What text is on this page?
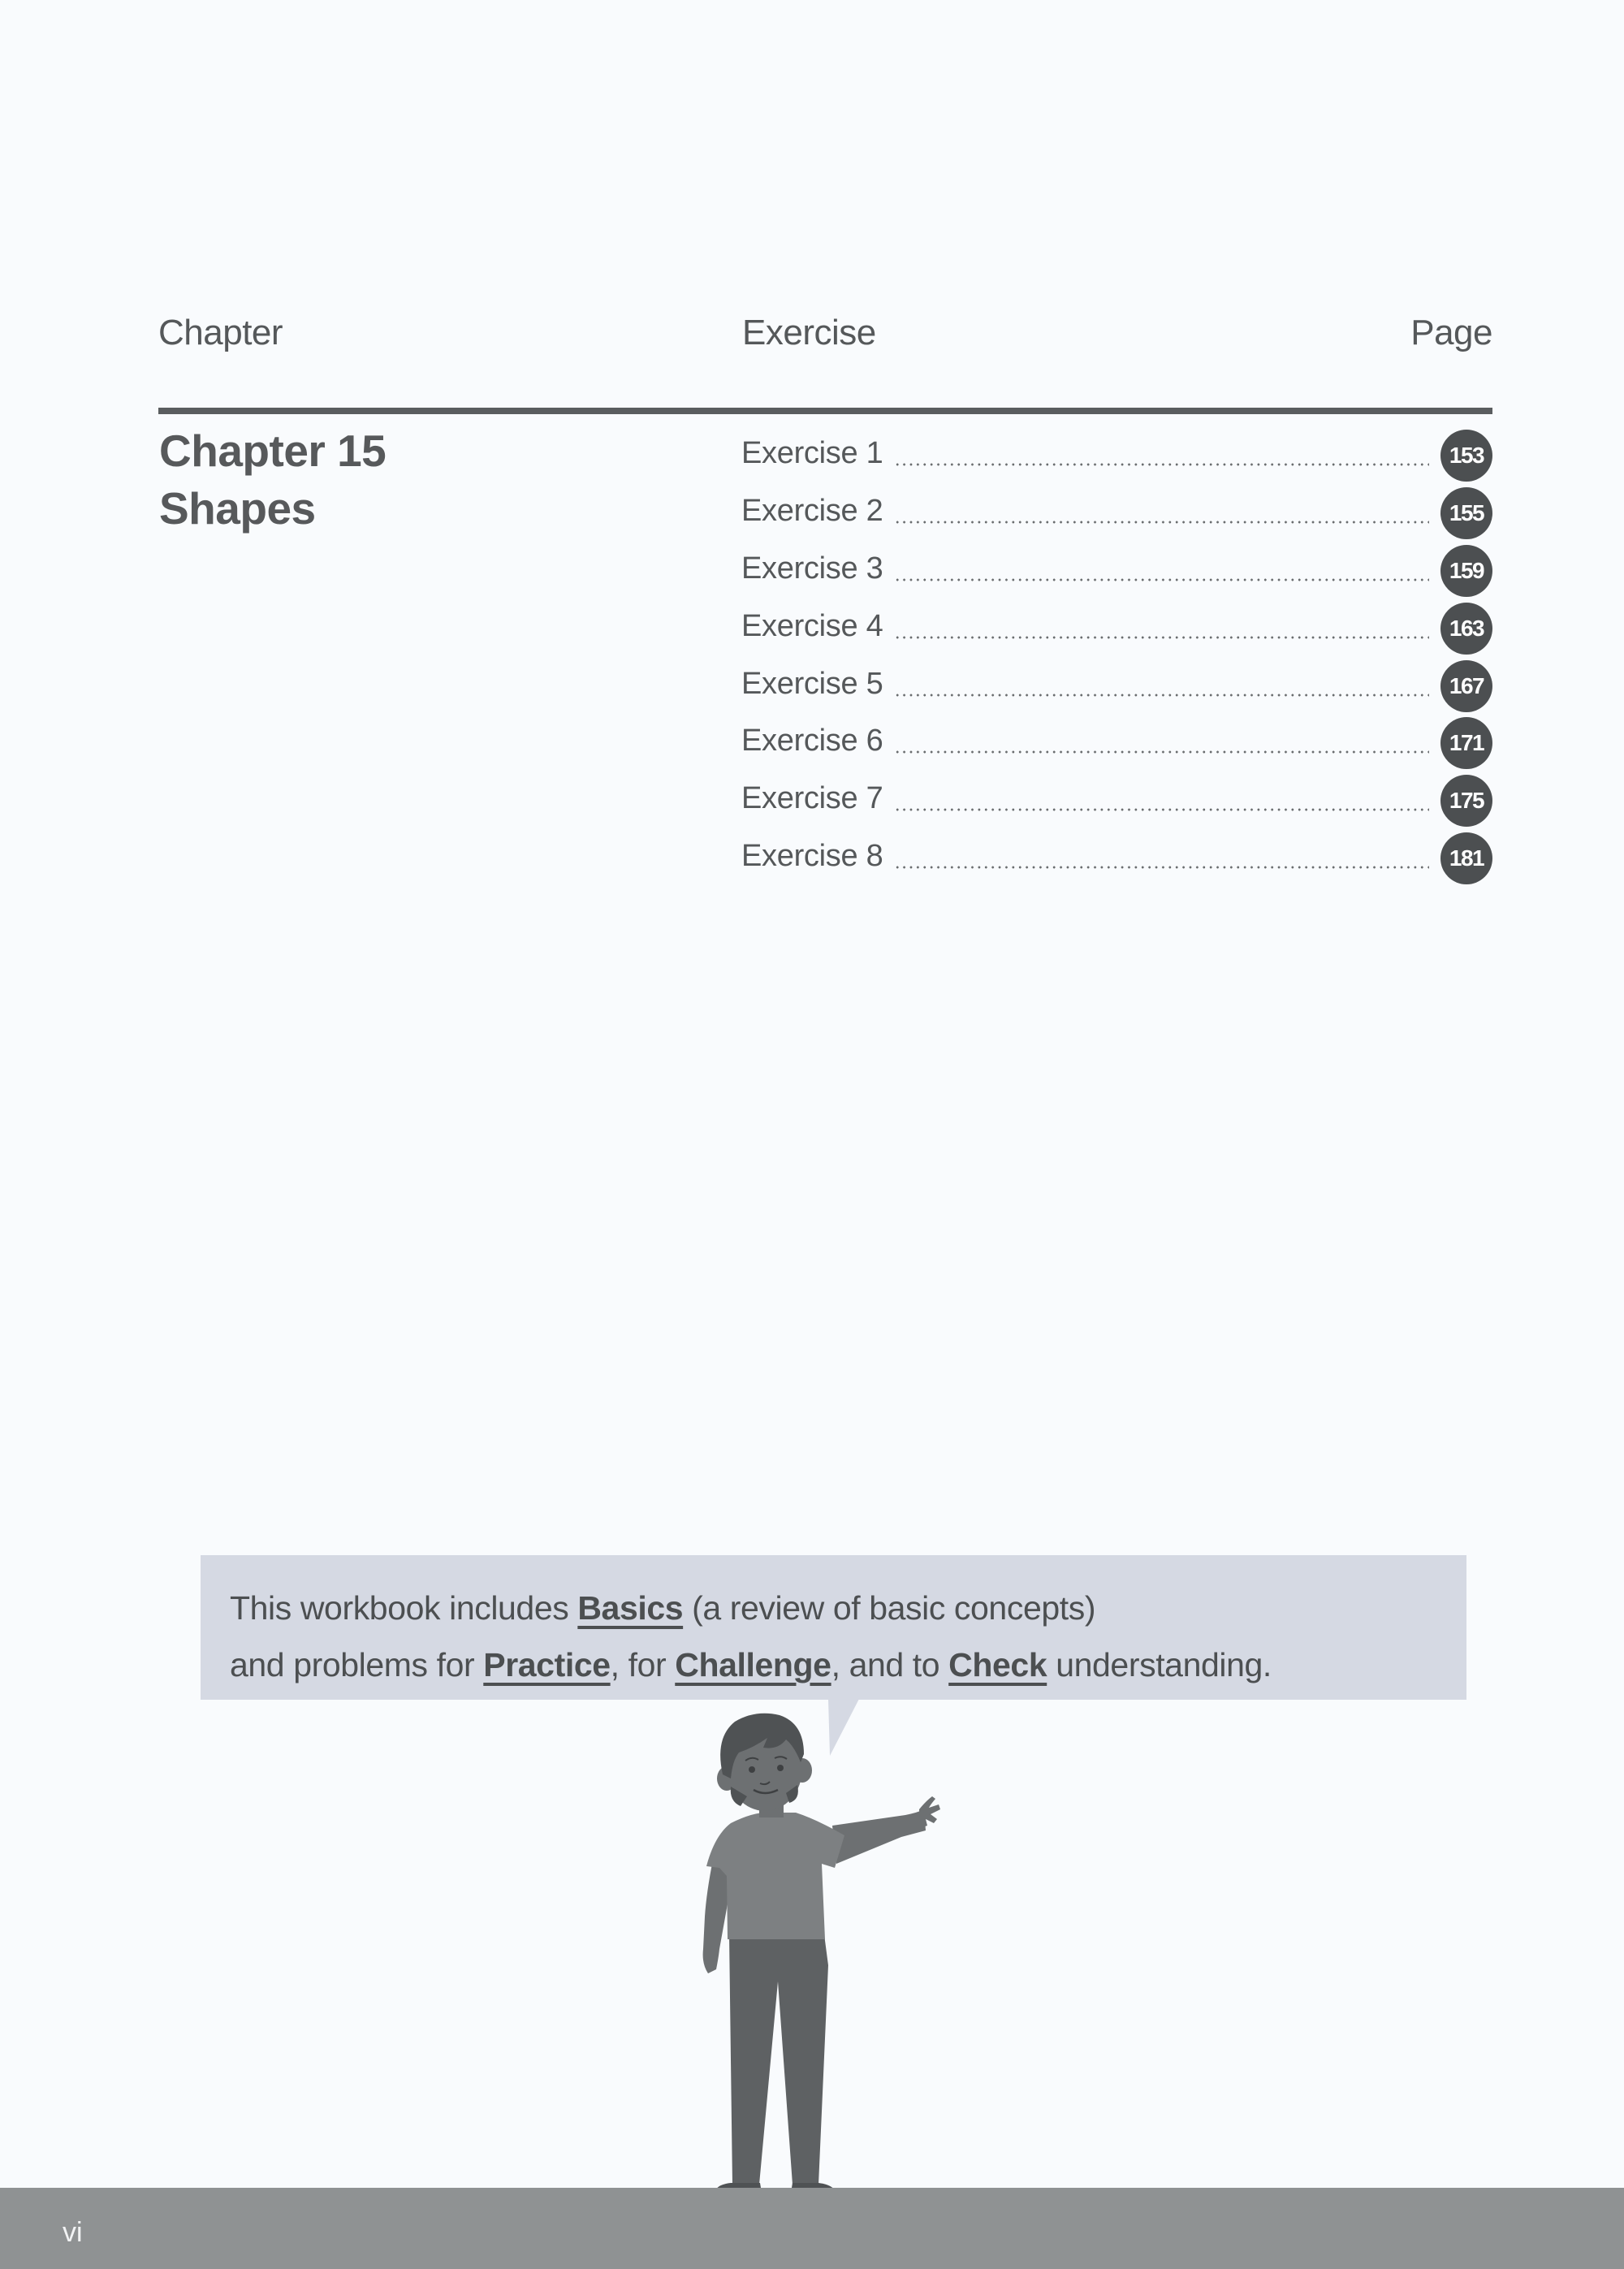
Chapter	Exercise	Page
Chapter 15
Shapes
Exercise 1	153
Exercise 2	155
Exercise 3	159
Exercise 4	163
Exercise 5	167
Exercise 6	171
Exercise 7	175
Exercise 8	181
This workbook includes Basics (a review of basic concepts)
and problems for Practice, for Challenge, and to Check understanding.
vi
